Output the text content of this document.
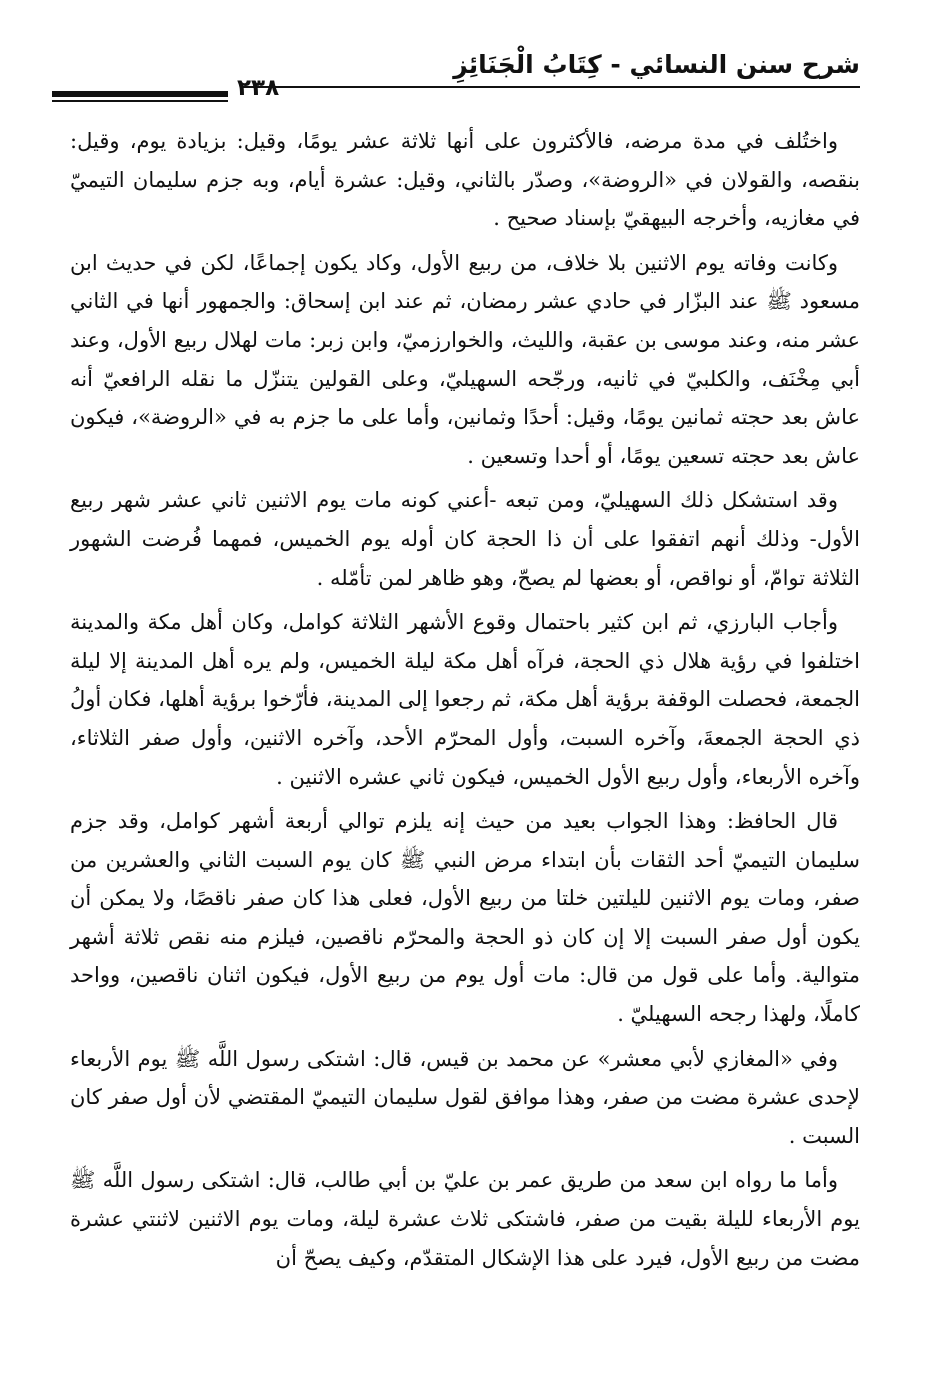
شرح سنن النسائي - كِتَابُ الْجَنَائِزِ
٢٣٨

واختُلف في مدة مرضه، فالأكثرون على أنها ثلاثة عشر يومًا، وقيل: بزيادة يوم، وقيل: بنقصه، والقولان في «الروضة»، وصدّر بالثاني، وقيل: عشرة أيام، وبه جزم سليمان التيميّ في مغازيه، وأخرجه البيهقيّ بإسناد صحيح .

وكانت وفاته يوم الاثنين بلا خلاف، من ربيع الأول، وكاد يكون إجماعًا، لكن في حديث ابن مسعود ﷺ عند البزّار في حادي عشر رمضان، ثم عند ابن إسحاق: والجمهور أنها في الثاني عشر منه، وعند موسى بن عقبة، والليث، والخوارزميّ، وابن زبر: مات لهلال ربيع الأول، وعند أبي مِخْنَف، والكلبيّ في ثانيه، ورجّحه السهيليّ، وعلى القولين يتنزّل ما نقله الرافعيّ أنه عاش بعد حجته ثمانين يومًا، وقيل: أحدًا وثمانين، وأما على ما جزم به في «الروضة»، فيكون عاش بعد حجته تسعين يومًا، أو أحدا وتسعين .

وقد استشكل ذلك السهيليّ، ومن تبعه -أعني كونه مات يوم الاثنين ثاني عشر شهر ربيع الأول- وذلك أنهم اتفقوا على أن ذا الحجة كان أوله يوم الخميس، فمهما فُرضت الشهور الثلاثة توامّ، أو نواقص، أو بعضها لم يصحّ، وهو ظاهر لمن تأمّله .

وأجاب البارزي، ثم ابن كثير باحتمال وقوع الأشهر الثلاثة كوامل، وكان أهل مكة والمدينة اختلفوا في رؤية هلال ذي الحجة، فرآه أهل مكة ليلة الخميس، ولم يره أهل المدينة إلا ليلة الجمعة، فحصلت الوقفة برؤية أهل مكة، ثم رجعوا إلى المدينة، فأرّخوا برؤية أهلها، فكان أولُ ذي الحجة الجمعةَ، وآخره السبت، وأول المحرّم الأحد، وآخره الاثنين، وأول صفر الثلاثاء، وآخره الأربعاء، وأول ربيع الأول الخميس، فيكون ثاني عشره الاثنين .

قال الحافظ: وهذا الجواب بعيد من حيث إنه يلزم توالي أربعة أشهر كوامل، وقد جزم سليمان التيميّ أحد الثقات بأن ابتداء مرض النبي ﷺ كان يوم السبت الثاني والعشرين من صفر، ومات يوم الاثنين لليلتين خلتا من ربيع الأول، فعلى هذا كان صفر ناقصًا، ولا يمكن أن يكون أول صفر السبت إلا إن كان ذو الحجة والمحرّم ناقصين، فيلزم منه نقص ثلاثة أشهر متوالية. وأما على قول من قال: مات أول يوم من ربيع الأول، فيكون اثنان ناقصين، وواحد كاملًا، ولهذا رجحه السهيليّ .

وفي «المغازي لأبي معشر» عن محمد بن قيس، قال: اشتكى رسول اللَّه ﷺ يوم الأربعاء لإحدى عشرة مضت من صفر، وهذا موافق لقول سليمان التيميّ المقتضي لأن أول صفر كان السبت .

وأما ما رواه ابن سعد من طريق عمر بن عليّ بن أبي طالب، قال: اشتكى رسول اللَّه ﷺ يوم الأربعاء لليلة بقيت من صفر، فاشتكى ثلاث عشرة ليلة، ومات يوم الاثنين لاثنتي عشرة مضت من ربيع الأول، فيرد على هذا الإشكال المتقدّم، وكيف يصحّ أن
